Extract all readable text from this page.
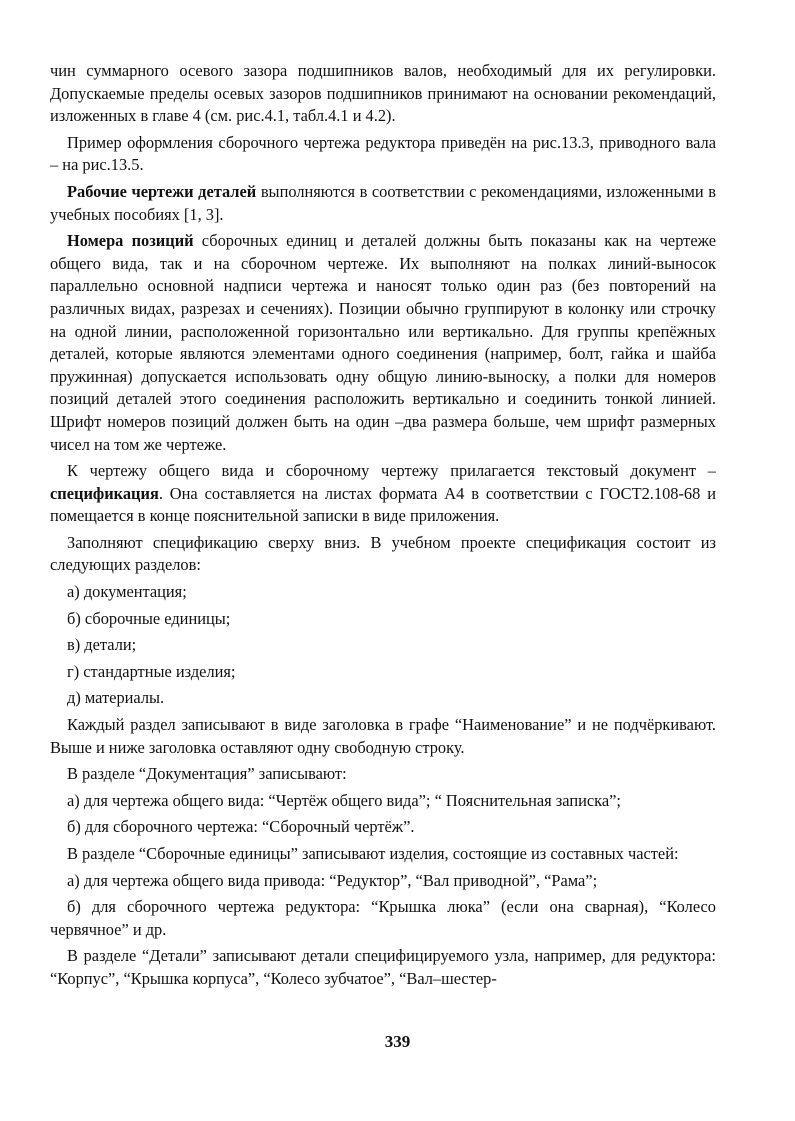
чин суммарного осевого зазора подшипников валов, необходимый для их регулировки. Допускаемые пределы осевых зазоров подшипников принимают на основании рекомендаций, изложенных в главе 4 (см. рис.4.1, табл.4.1 и 4.2).

Пример оформления сборочного чертежа редуктора приведён на рис.13.3, приводного вала – на рис.13.5.

Рабочие чертежи деталей выполняются в соответствии с рекомендациями, изложенными в учебных пособиях [1, 3].

Номера позиций сборочных единиц и деталей должны быть показаны как на чертеже общего вида, так и на сборочном чертеже. Их выполняют на полках линий-выносок параллельно основной надписи чертежа и наносят только один раз (без повторений на различных видах, разрезах и сечениях). Позиции обычно группируют в колонку или строчку на одной линии, расположенной горизонтально или вертикально. Для группы крепёжных деталей, которые являются элементами одного соединения (например, болт, гайка и шайба пружинная) допускается использовать одну общую линию-выноску, а полки для номеров позиций деталей этого соединения расположить вертикально и соединить тонкой линией. Шрифт номеров позиций должен быть на один –два размера больше, чем шрифт размерных чисел на том же чертеже.

К чертежу общего вида и сборочному чертежу прилагается текстовый документ – спецификация. Она составляется на листах формата А4 в соответствии с ГОСТ2.108-68 и помещается в конце пояснительной записки в виде приложения.

Заполняют спецификацию сверху вниз. В учебном проекте спецификация состоит из следующих разделов:

а) документация;

б) сборочные единицы;

в) детали;

г) стандартные изделия;

д) материалы.

Каждый раздел записывают в виде заголовка в графе “Наименование” и не подчёркивают. Выше и ниже заголовка оставляют одну свободную строку.

В разделе “Документация” записывают:

а) для чертежа общего вида: “Чертёж общего вида”; “ Пояснительная записка”;

б) для сборочного чертежа: “Сборочный чертёж”.

В разделе “Сборочные единицы” записывают изделия, состоящие из составных частей:

а) для чертежа общего вида привода: “Редуктор”, “Вал приводной”, “Рама”;

б) для сборочного чертежа редуктора: “Крышка люка” (если она сварная), “Колесо червячное” и др.

В разделе “Детали” записывают детали специфицируемого узла, например, для редуктора: “Корпус”, “Крышка корпуса”, “Колесо зубчатое”, “Вал–шестер-

339
